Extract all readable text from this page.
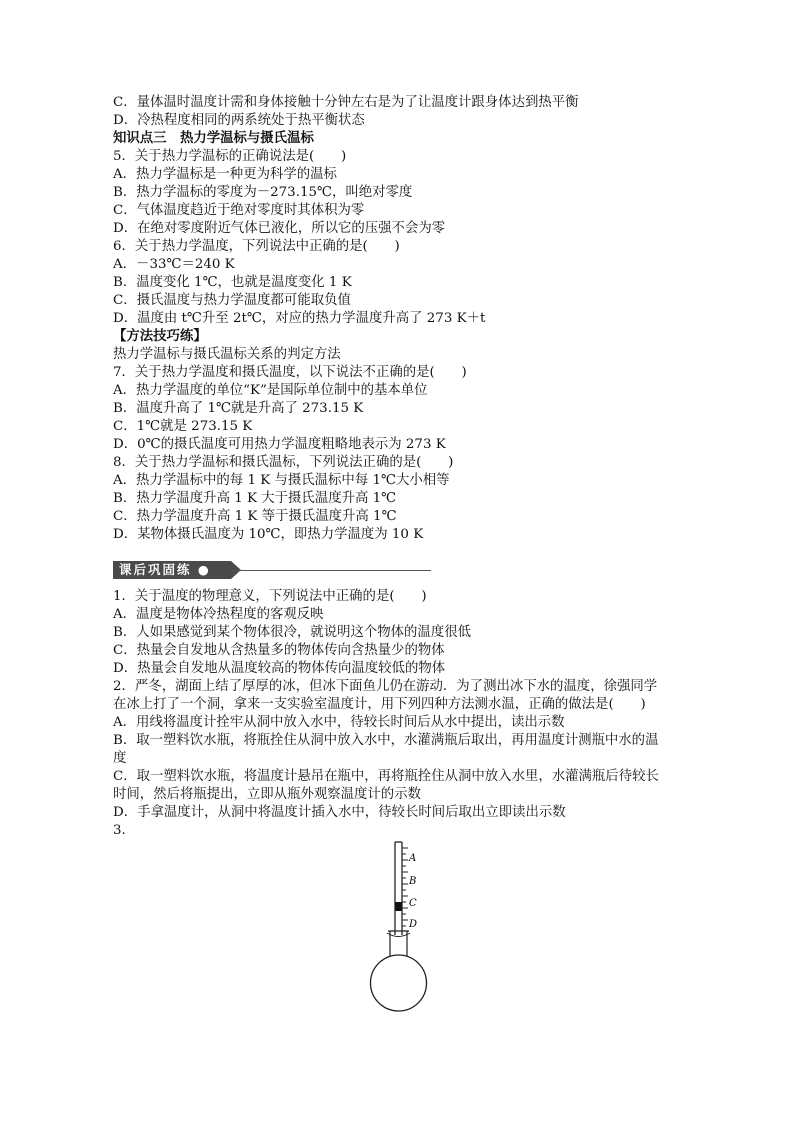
C．量体温时温度计需和身体接触十分钟左右是为了让温度计跟身体达到热平衡
D．冷热程度相同的两系统处于热平衡状态
知识点三　热力学温标与摄氏温标
5．关于热力学温标的正确说法是(　　)
A．热力学温标是一种更为科学的温标
B．热力学温标的零度为－273.15℃，叫绝对零度
C．气体温度趋近于绝对零度时其体积为零
D．在绝对零度附近气体已液化，所以它的压强不会为零
6．关于热力学温度，下列说法中正确的是(　　)
A．－33℃＝240 K
B．温度变化 1℃，也就是温度变化 1 K
C．摄氏温度与热力学温度都可能取负值
D．温度由 t℃升至 2t℃，对应的热力学温度升高了 273 K＋t
【方法技巧练】
热力学温标与摄氏温标关系的判定方法
7．关于热力学温度和摄氏温度，以下说法不正确的是(　　)
A．热力学温度的单位“K”是国际单位制中的基本单位
B．温度升高了 1℃就是升高了 273.15 K
C．1℃就是 273.15 K
D．0℃的摄氏温度可用热力学温度粗略地表示为 273 K
8．关于热力学温标和摄氏温标，下列说法正确的是(　　)
A．热力学温标中的每 1 K 与摄氏温标中每 1℃大小相等
B．热力学温度升高 1 K 大于摄氏温度升高 1℃
C．热力学温度升高 1 K 等于摄氏温度升高 1℃
D．某物体摄氏温度为 10℃，即热力学温度为 10 K
课后巩固练 ●
1．关于温度的物理意义，下列说法中正确的是(　　)
A．温度是物体冷热程度的客观反映
B．人如果感觉到某个物体很冷，就说明这个物体的温度很低
C．热量会自发地从含热量多的物体传向含热量少的物体
D．热量会自发地从温度较高的物体传向温度较低的物体
2．严冬，湖面上结了厚厚的冰，但冰下面鱼儿仍在游动．为了测出冰下水的温度，徐强同学
在冰上打了一个洞，拿来一支实验室温度计，用下列四种方法测水温，正确的做法是(　　)
A．用线将温度计拴牢从洞中放入水中，待较长时间后从水中提出，读出示数
B．取一塑料饮水瓶，将瓶拴住从洞中放入水中，水灌满瓶后取出，再用温度计测瓶中水的温
度
C．取一塑料饮水瓶，将温度计悬吊在瓶中，再将瓶拴住从洞中放入水里，水灌满瓶后待较长
时间，然后将瓶提出，立即从瓶外观察温度计的示数
D．手拿温度计，从洞中将温度计插入水中，待较长时间后取出立即读出示数
3.
A
B
C
D
